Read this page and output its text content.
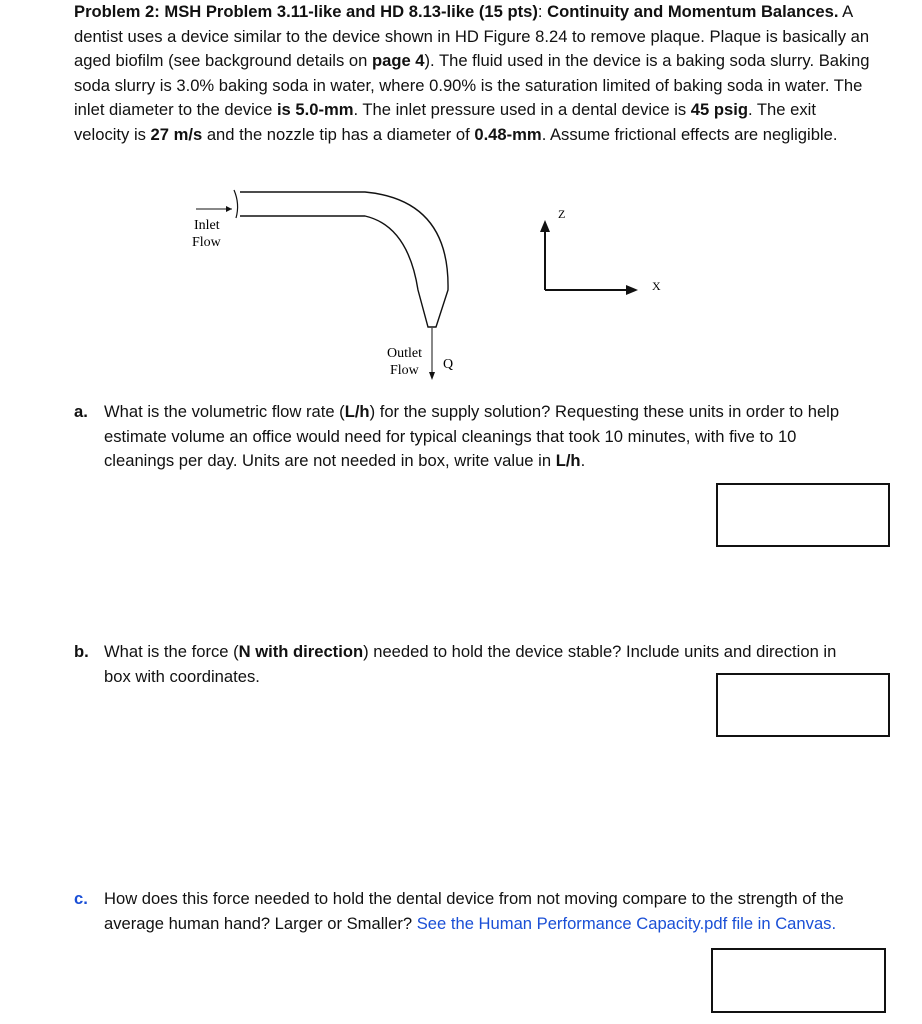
Problem 2: MSH Problem 3.11-like and HD 8.13-like (15 pts): Continuity and Momentum Balances. A dentist uses a device similar to the device shown in HD Figure 8.24 to remove plaque. Plaque is basically an aged biofilm (see background details on page 4). The fluid used in the device is a baking soda slurry. Baking soda slurry is 3.0% baking soda in water, where 0.90% is the saturation limited of baking soda in water. The inlet diameter to the device is 5.0-mm. The inlet pressure used in a dental device is 45 psig. The exit velocity is 27 m/s and the nozzle tip has a diameter of 0.48-mm. Assume frictional effects are negligible.

Inlet
Flow
Outlet
Flow Q
Z
X
a. What is the volumetric flow rate (L/h) for the supply solution? Requesting these units in order to help estimate volume an office would need for typical cleanings that took 10 minutes, with five to 10 cleanings per day. Units are not needed in box, write value in L/h.
b. What is the force (N with direction) needed to hold the device stable? Include units and direction in box with coordinates.
c. How does this force needed to hold the dental device from not moving compare to the strength of the average human hand? Larger or Smaller? See the Human Performance Capacity.pdf file in Canvas.
